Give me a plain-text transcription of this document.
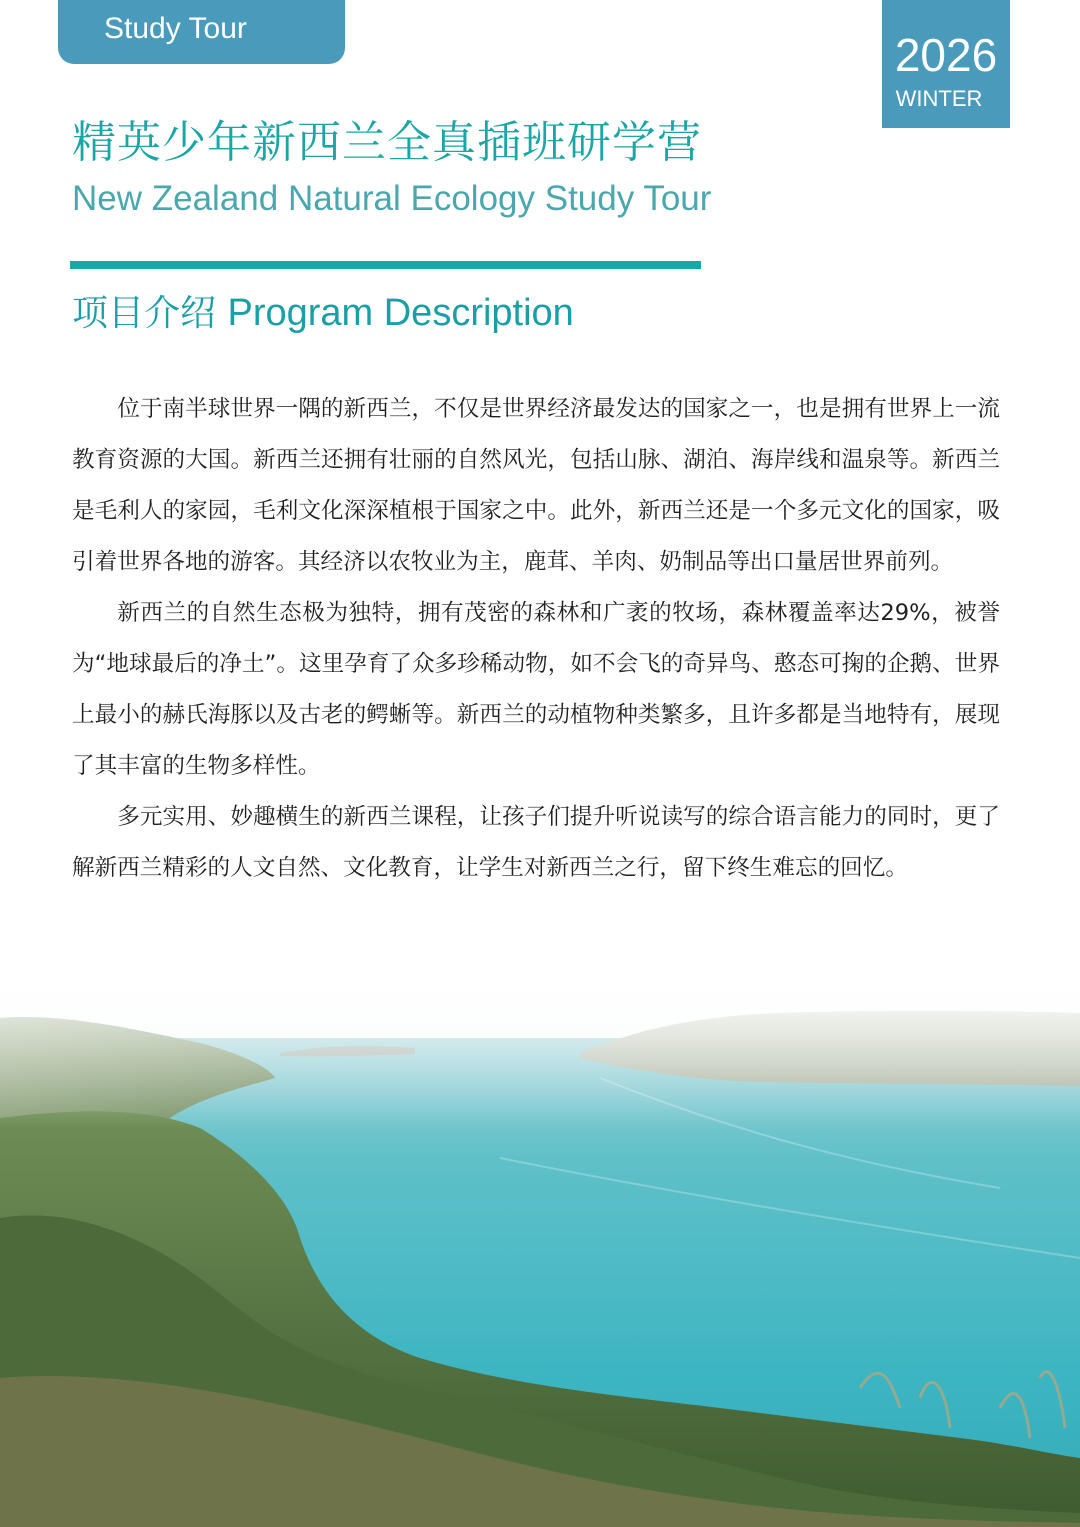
Study Tour
2026
WINTER
精英少年新西兰全真插班研学营
New Zealand Natural Ecology Study Tour
项目介绍 Program Description

位于南半球世界一隅的新西兰，不仅是世界经济最发达的国家之一，也是拥有世界上一流教育资源的大国。新西兰还拥有壮丽的自然风光，包括山脉、湖泊、海岸线和温泉等。新西兰是毛利人的家园，毛利文化深深植根于国家之中。此外，新西兰还是一个多元文化的国家，吸引着世界各地的游客。其经济以农牧业为主，鹿茸、羊肉、奶制品等出口量居世界前列。

新西兰的自然生态极为独特，拥有茂密的森林和广袤的牧场，森林覆盖率达29%，被誉为“地球最后的净土”。这里孕育了众多珍稀动物，如不会飞的奇异鸟、憨态可掬的企鹅、世界上最小的赫氏海豚以及古老的鳄蜥等。新西兰的动植物种类繁多，且许多都是当地特有，展现了其丰富的生物多样性。

多元实用、妙趣横生的新西兰课程，让孩子们提升听说读写的综合语言能力的同时，更了解新西兰精彩的人文自然、文化教育，让学生对新西兰之行，留下终生难忘的回忆。
